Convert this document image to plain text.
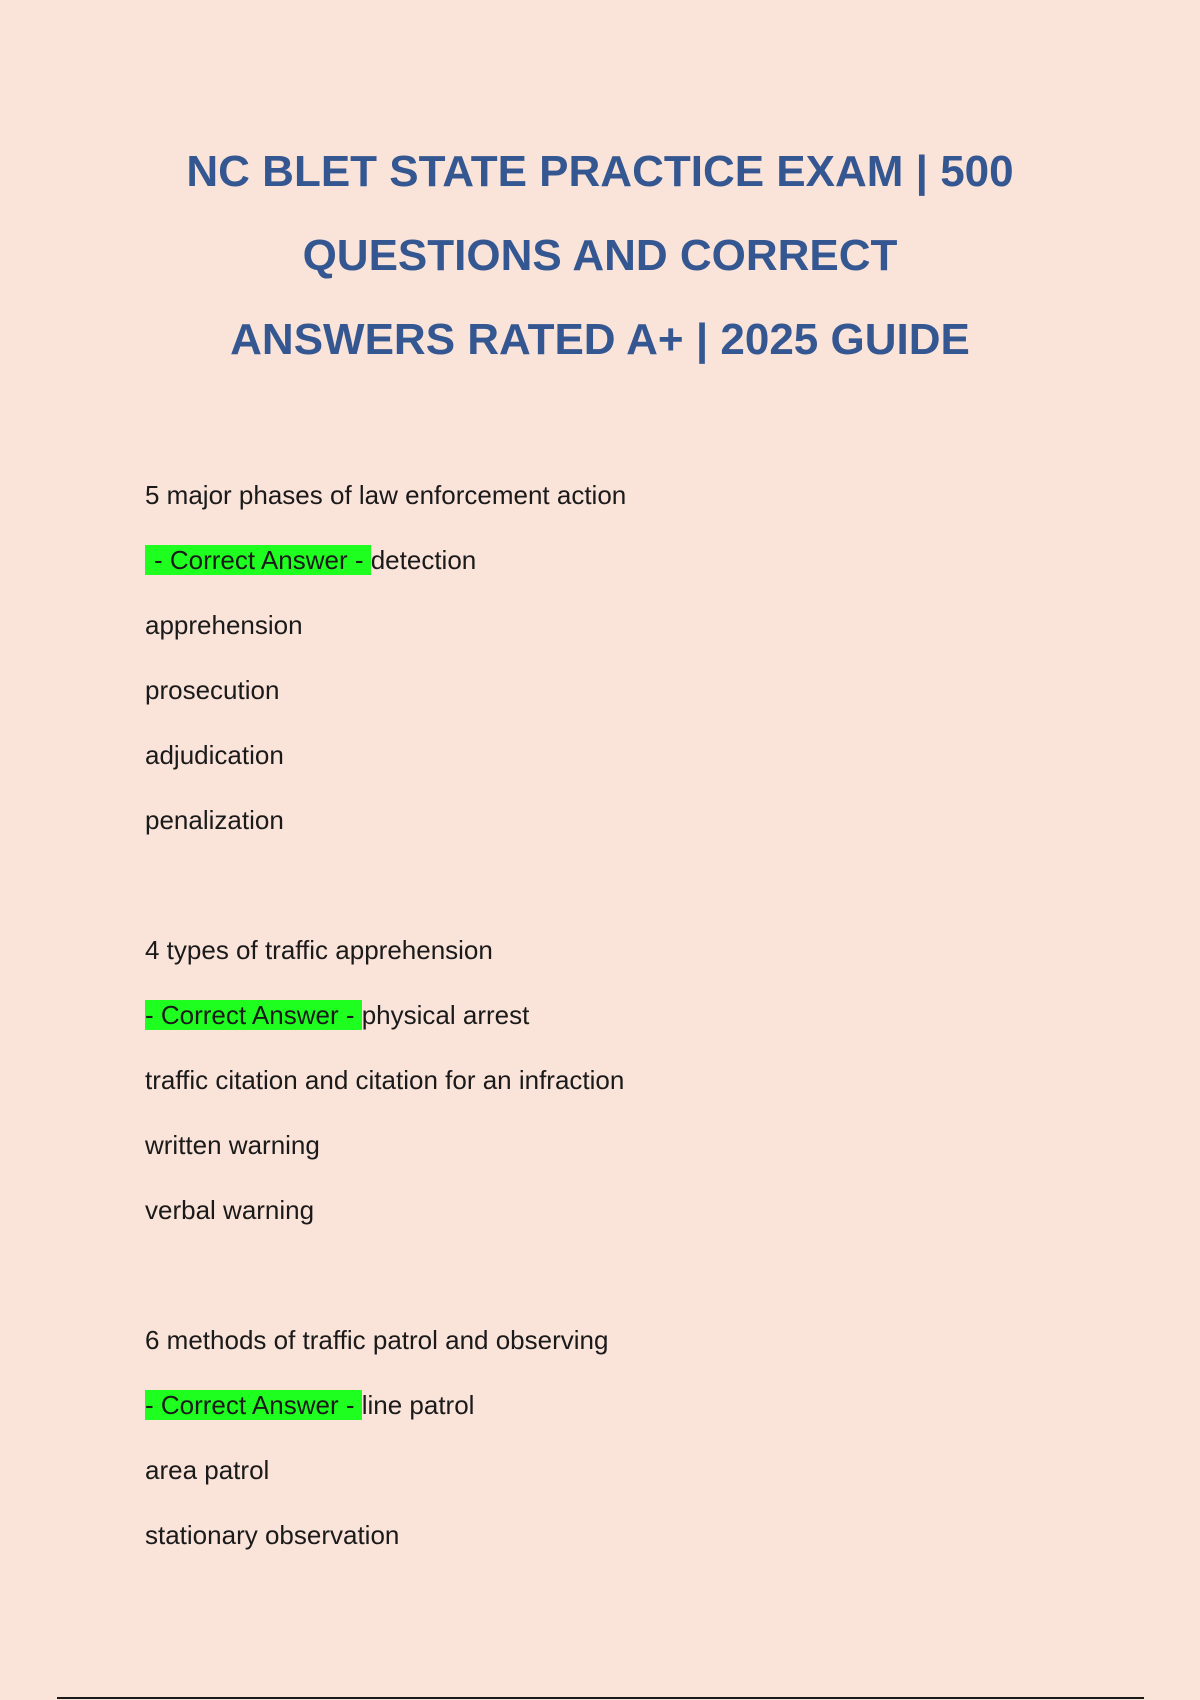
NC BLET STATE PRACTICE EXAM | 500
QUESTIONS AND CORRECT
ANSWERS RATED A+ | 2025 GUIDE
5 major phases of law enforcement action
- Correct Answer - detection
apprehension
prosecution
adjudication
penalization
4 types of traffic apprehension
- Correct Answer - physical arrest
traffic citation and citation for an infraction
written warning
verbal warning
6 methods of traffic patrol and observing
- Correct Answer - line patrol
area patrol
stationary observation
